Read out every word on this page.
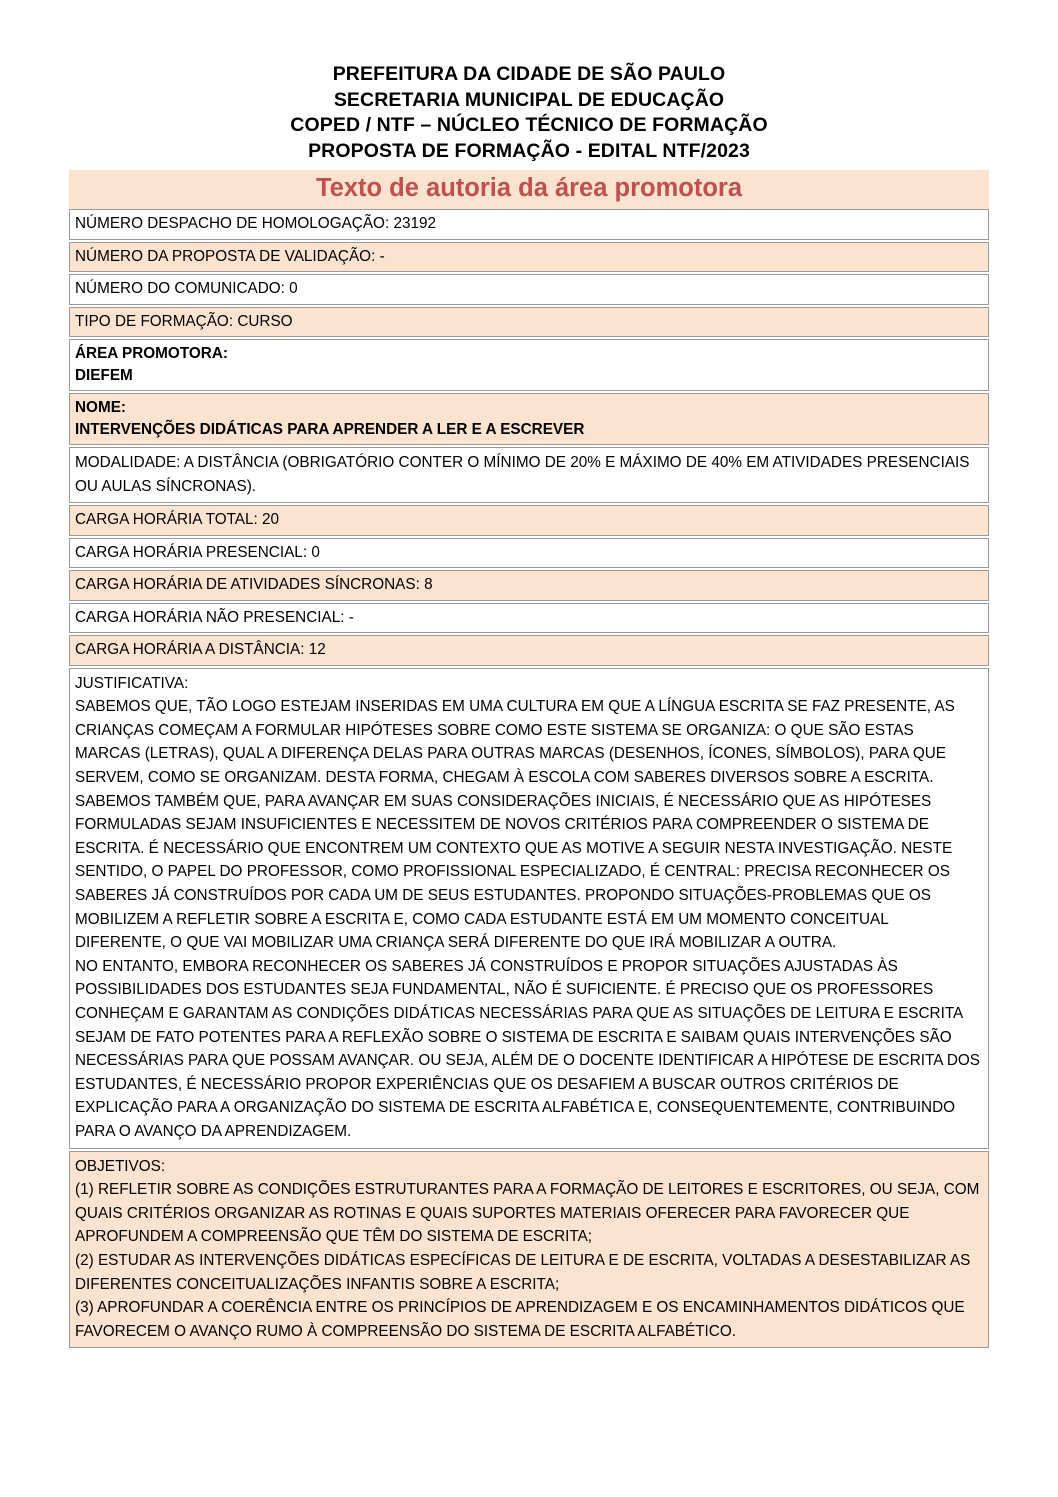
PREFEITURA DA CIDADE DE SÃO PAULO
SECRETARIA MUNICIPAL DE EDUCAÇÃO
COPED / NTF – NÚCLEO TÉCNICO DE FORMAÇÃO
PROPOSTA DE FORMAÇÃO - EDITAL NTF/2023
Texto de autoria da área promotora
NÚMERO DESPACHO DE HOMOLOGAÇÃO: 23192
NÚMERO DA PROPOSTA DE VALIDAÇÃO: -
NÚMERO DO COMUNICADO: 0
TIPO DE FORMAÇÃO: CURSO
ÁREA PROMOTORA:
DIEFEM
NOME:
INTERVENÇÕES DIDÁTICAS PARA APRENDER A LER E A ESCREVER
MODALIDADE: A DISTÂNCIA (OBRIGATÓRIO CONTER O MÍNIMO DE 20% E MÁXIMO DE 40% EM ATIVIDADES PRESENCIAIS OU AULAS SÍNCRONAS).
CARGA HORÁRIA TOTAL: 20
CARGA HORÁRIA PRESENCIAL: 0
CARGA HORÁRIA DE ATIVIDADES SÍNCRONAS: 8
CARGA HORÁRIA NÃO PRESENCIAL: -
CARGA HORÁRIA A DISTÂNCIA: 12
JUSTIFICATIVA:
SABEMOS QUE, TÃO LOGO ESTEJAM INSERIDAS EM UMA CULTURA EM QUE A LÍNGUA ESCRITA SE FAZ PRESENTE, AS CRIANÇAS COMEÇAM A FORMULAR HIPÓTESES SOBRE COMO ESTE SISTEMA SE ORGANIZA: O QUE SÃO ESTAS MARCAS (LETRAS), QUAL A DIFERENÇA DELAS PARA OUTRAS MARCAS (DESENHOS, ÍCONES, SÍMBOLOS), PARA QUE SERVEM, COMO SE ORGANIZAM. DESTA FORMA, CHEGAM À ESCOLA COM SABERES DIVERSOS SOBRE A ESCRITA.
SABEMOS TAMBÉM QUE, PARA AVANÇAR EM SUAS CONSIDERAÇÕES INICIAIS, É NECESSÁRIO QUE AS HIPÓTESES FORMULADAS SEJAM INSUFICIENTES E NECESSITEM DE NOVOS CRITÉRIOS PARA COMPREENDER O SISTEMA DE ESCRITA. É NECESSÁRIO QUE ENCONTREM UM CONTEXTO QUE AS MOTIVE A SEGUIR NESTA INVESTIGAÇÃO. NESTE SENTIDO, O PAPEL DO PROFESSOR, COMO PROFISSIONAL ESPECIALIZADO, É CENTRAL: PRECISA RECONHECER OS SABERES JÁ CONSTRUÍDOS POR CADA UM DE SEUS ESTUDANTES. PROPONDO SITUAÇÕES-PROBLEMAS QUE OS MOBILIZEM A REFLETIR SOBRE A ESCRITA E, COMO CADA ESTUDANTE ESTÁ EM UM MOMENTO CONCEITUAL DIFERENTE, O QUE VAI MOBILIZAR UMA CRIANÇA SERÁ DIFERENTE DO QUE IRÁ MOBILIZAR A OUTRA.
NO ENTANTO, EMBORA RECONHECER OS SABERES JÁ CONSTRUÍDOS E PROPOR SITUAÇÕES AJUSTADAS ÀS POSSIBILIDADES DOS ESTUDANTES SEJA FUNDAMENTAL, NÃO É SUFICIENTE. É PRECISO QUE OS PROFESSORES CONHEÇAM E GARANTAM AS CONDIÇÕES DIDÁTICAS NECESSÁRIAS PARA QUE AS SITUAÇÕES DE LEITURA E ESCRITA SEJAM DE FATO POTENTES PARA A REFLEXÃO SOBRE O SISTEMA DE ESCRITA E SAIBAM QUAIS INTERVENÇÕES SÃO NECESSÁRIAS PARA QUE POSSAM AVANÇAR. OU SEJA, ALÉM DE O DOCENTE IDENTIFICAR A HIPÓTESE DE ESCRITA DOS ESTUDANTES, É NECESSÁRIO PROPOR EXPERIÊNCIAS QUE OS DESAFIEM A BUSCAR OUTROS CRITÉRIOS DE EXPLICAÇÃO PARA A ORGANIZAÇÃO DO SISTEMA DE ESCRITA ALFABÉTICA E, CONSEQUENTEMENTE, CONTRIBUINDO PARA O AVANÇO DA APRENDIZAGEM.
OBJETIVOS:
(1) REFLETIR SOBRE AS CONDIÇÕES ESTRUTURANTES PARA A FORMAÇÃO DE LEITORES E ESCRITORES, OU SEJA, COM QUAIS CRITÉRIOS ORGANIZAR AS ROTINAS E QUAIS SUPORTES MATERIAIS OFERECER PARA FAVORECER QUE APROFUNDEM A COMPREENSÃO QUE TÊM DO SISTEMA DE ESCRITA;
(2) ESTUDAR AS INTERVENÇÕES DIDÁTICAS ESPECÍFICAS DE LEITURA E DE ESCRITA, VOLTADAS A DESESTABILIZAR AS DIFERENTES CONCEITUALIZAÇÕES INFANTIS SOBRE A ESCRITA;
(3) APROFUNDAR A COERÊNCIA ENTRE OS PRINCÍPIOS DE APRENDIZAGEM E OS ENCAMINHAMENTOS DIDÁTICOS QUE FAVORECEM O AVANÇO RUMO À COMPREENSÃO DO SISTEMA DE ESCRITA ALFABÉTICO.
